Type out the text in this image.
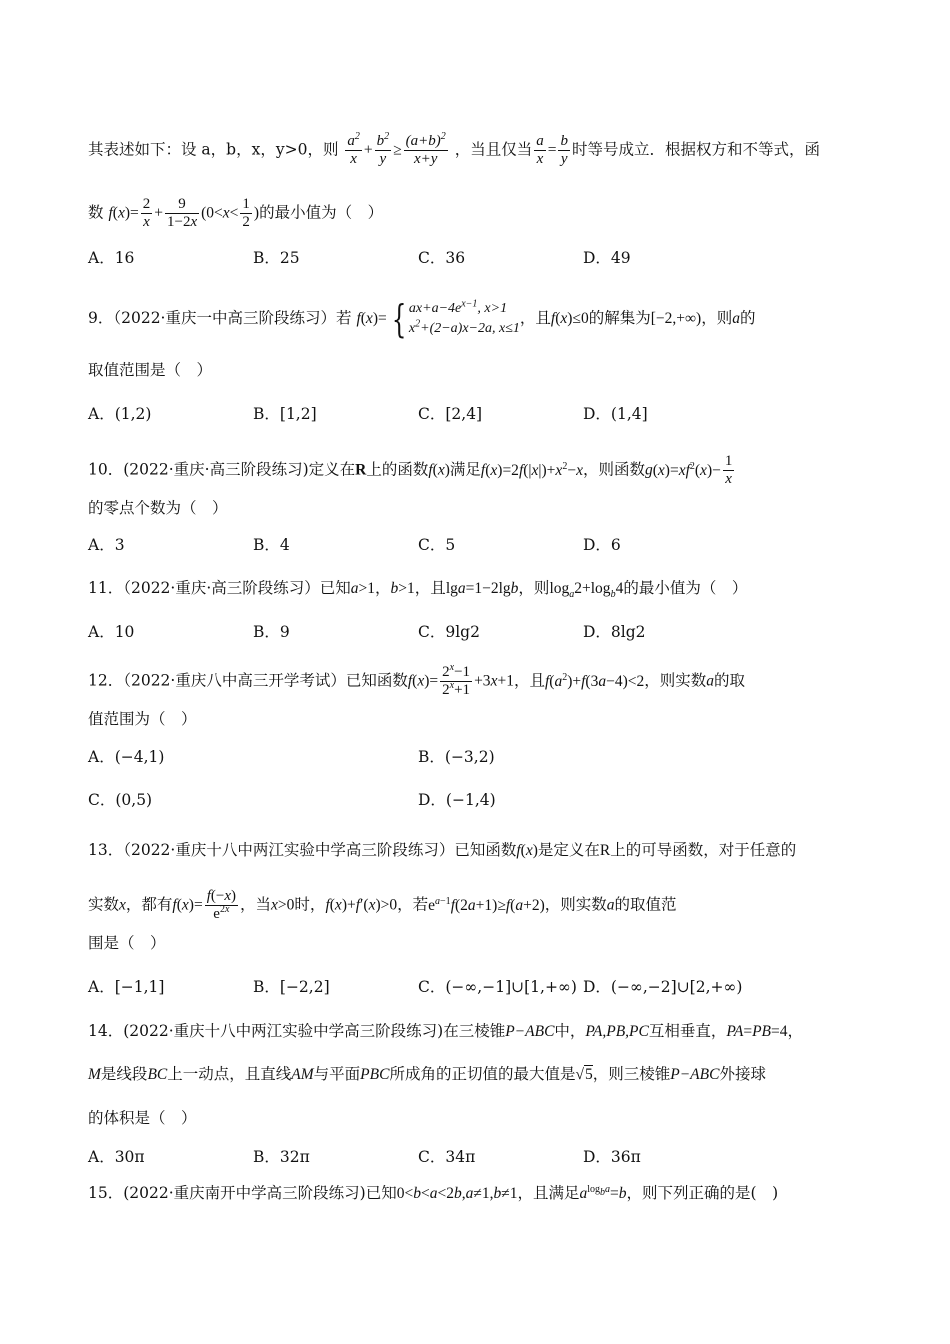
其表述如下：设 a，b，x，y>0，则 $\frac{a^2}{x} + \frac{b^2}{y} \ge \frac{(a+b)^2}{x+y}$ ，当且仅当 $\frac{a}{x} = \frac{b}{y}$ 时等号成立．根据权方和不等式，函
数 $f(x)= \frac{2}{x} + \frac{9}{1-2x} (0<x< \frac{1}{2}$ )的最小值为（　）
A．16	B．25	C．36	D．49
9．（2022·重庆一中高三阶段练习）若 f(x)= { $ax+a-4e^{x-1}$, x>1
$x^2+(2-a)x-2a$, x≤1，且f(x)≤0的解集为[−2,+∞)，则a的
取值范围是（　）
A．(1,2)	B．[1,2]	C．[2,4]	D．(1,4]
10．(2022·重庆·高三阶段练习)定义在R上的函数f(x)满足$f(x)=2f(|x|)+x^2-x$，则函数$g(x)=xf^2(x)- \frac{1}{x}$
的零点个数为（　）
A．3	B．4	C．5	D．6
11．（2022·重庆·高三阶段练习）已知a>1，b>1，且lga=1−2lgb，则$\log_a2+\log_b4$的最小值为（　）
A．10	B．9	C．9lg2	D．8lg2
12．（2022·重庆八中高三开学考试）已知函数$f(x)= \frac{2^x-1}{2^x+1} +3x+1$，且$f(a^2)+f(3a-4)<2$，则实数a的取
值范围为（　）
A．(−4,1)	B．(−3,2)
C．(0,5)	D．(−1,4)
13．（2022·重庆十八中两江实验中学高三阶段练习）已知函数f(x)是定义在R上的可导函数，对于任意的
实数x，都有$f(x)= \frac{f(-x)}{e^{2x}}$ ，当x>0时，f(x)+f′(x)>0，若$e^{a-1}f(2a+1)\ge f(a+2)$，则实数a的取值范
围是（　）
A．[−1,1]	B．[−2,2]	C．(−∞,−1]∪[1,+∞) D．(−∞,−2]∪[2,+∞)
14．(2022·重庆十八中两江实验中学高三阶段练习)在三棱锥P−ABC中，PA,PB,PC互相垂直，PA=PB=4，
M是线段BC上一动点，且直线AM与平面PBC所成角的正切值的最大值是√5，则三棱锥P−ABC外接球
的体积是（　）
A．30π	B．32π	C．34π	D．36π
15．(2022·重庆南开中学高三阶段练习)已知0<b<a<2b,a≠1,b≠1，且满足$a^{log_ba}=b$，则下列正确的是(　)
